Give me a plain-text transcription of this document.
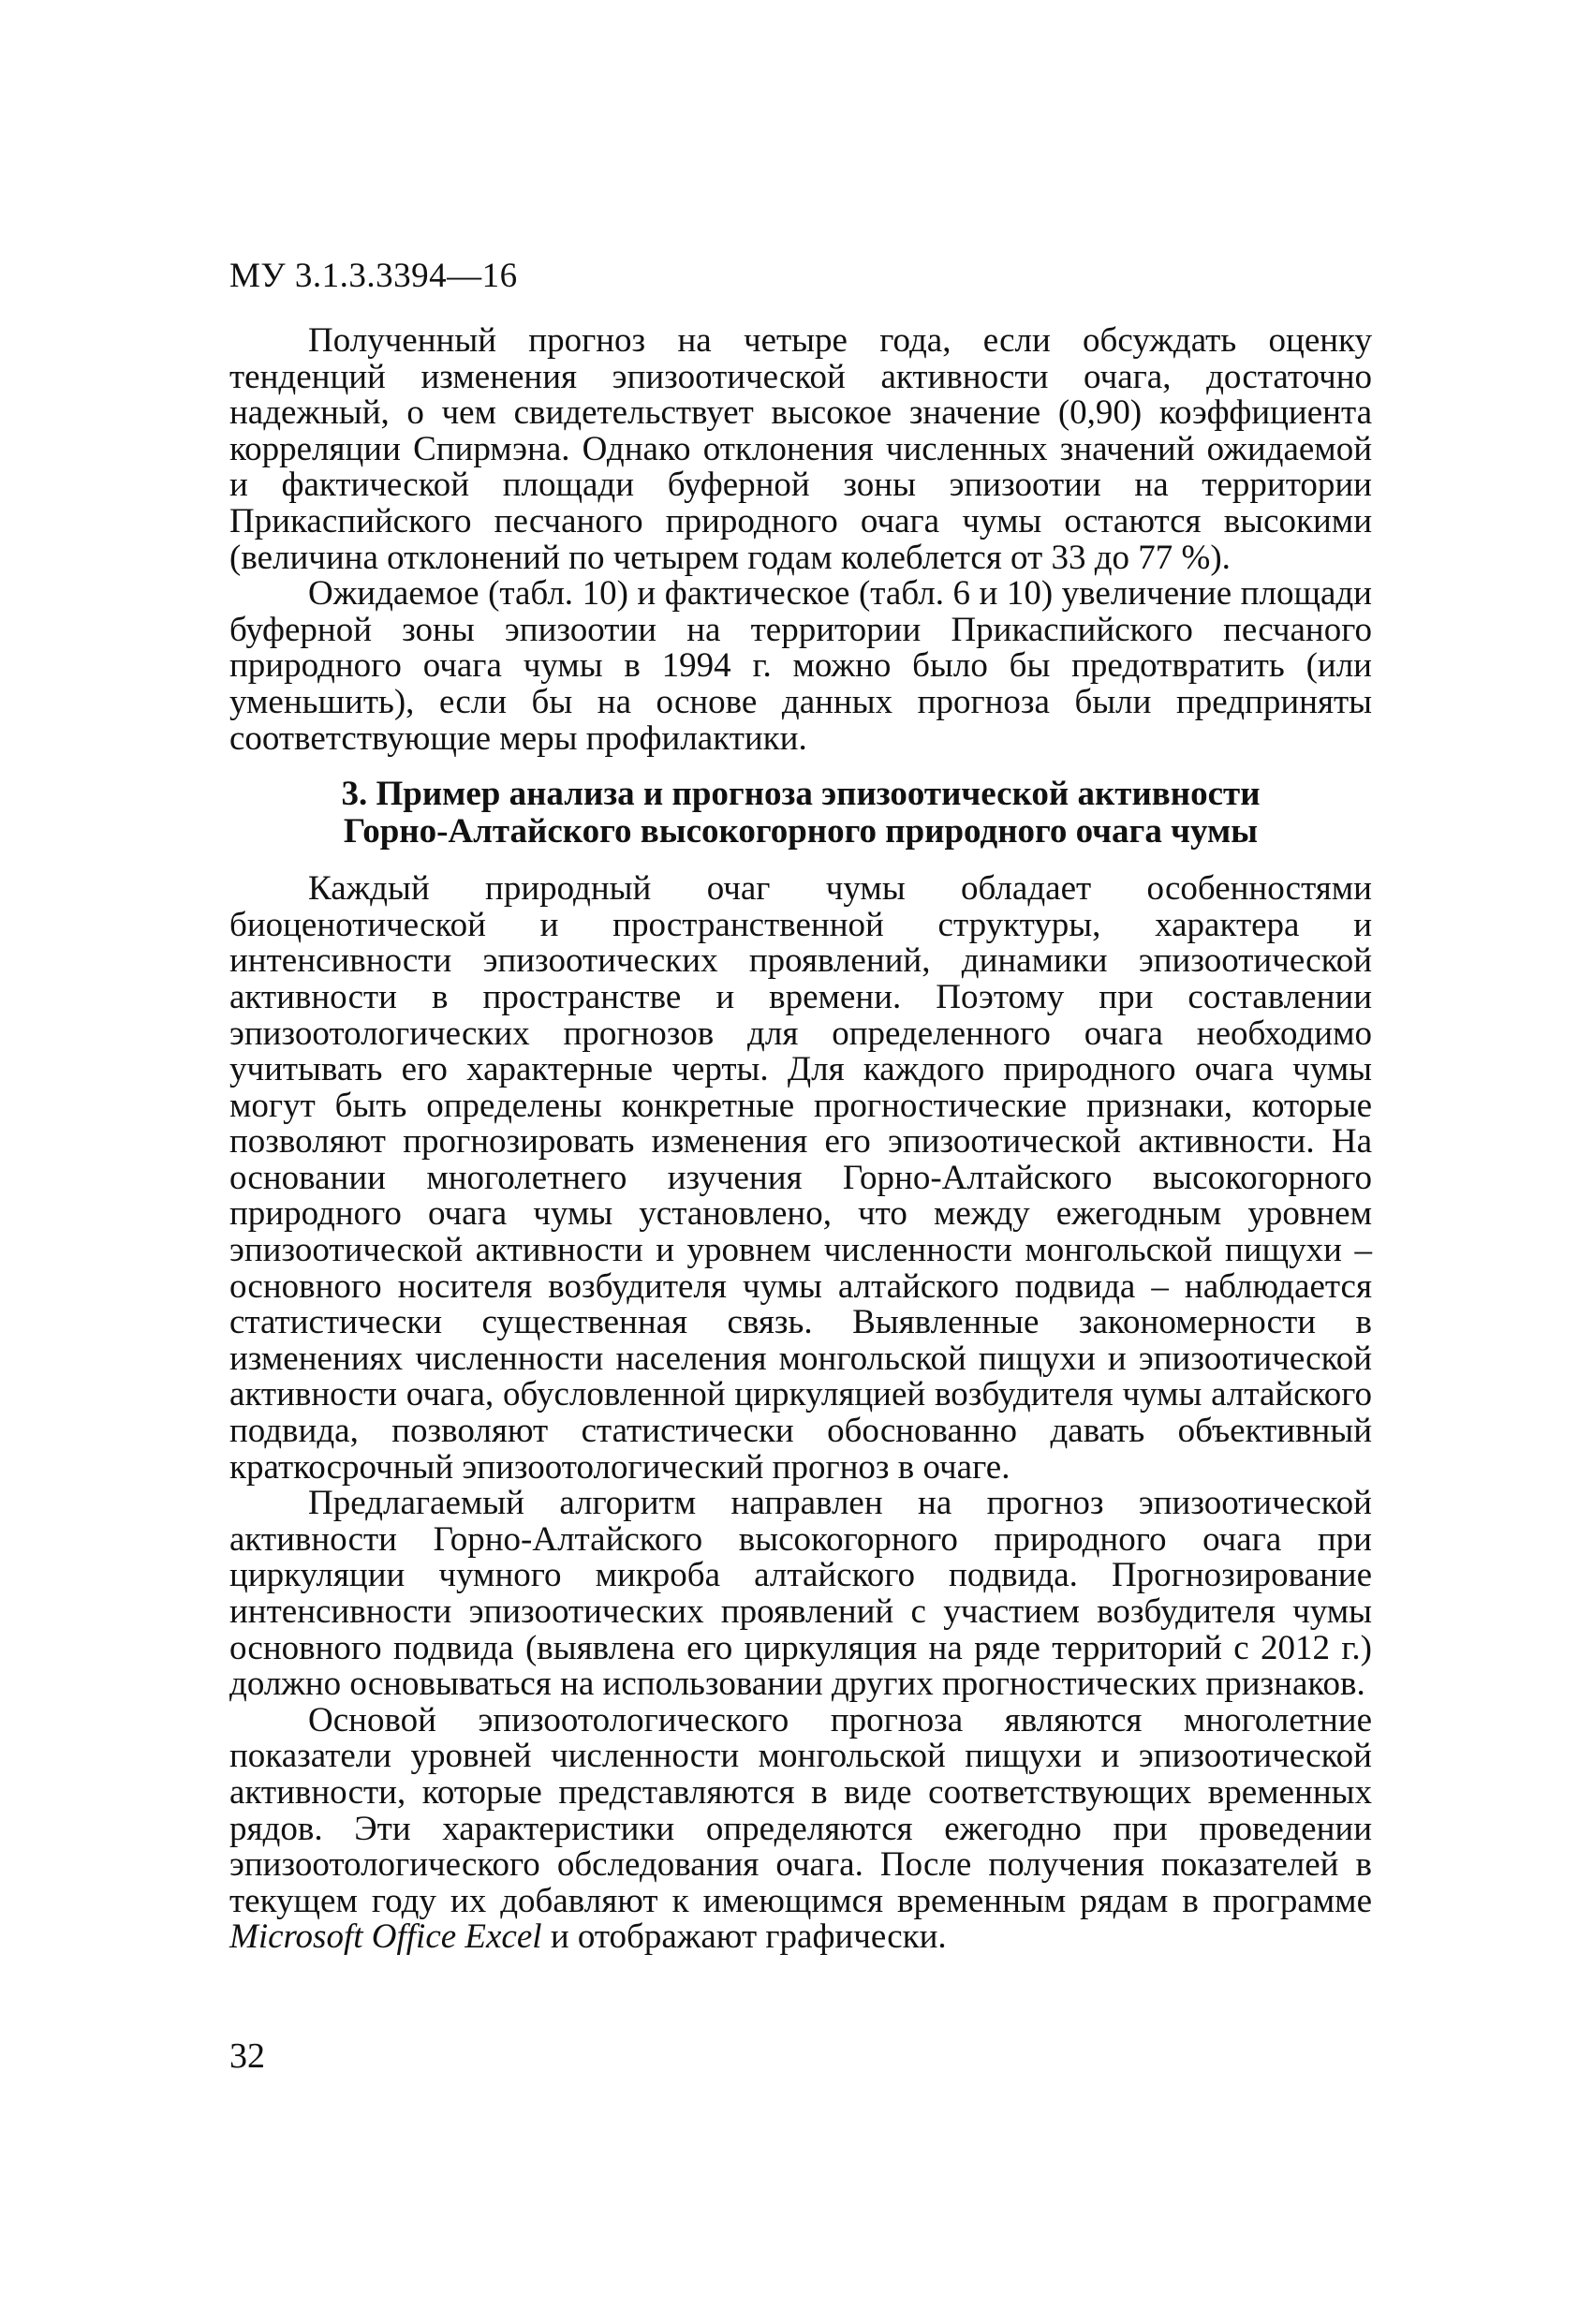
МУ 3.1.3.3394—16

Полученный прогноз на четыре года, если обсуждать оценку тенденций изменения эпизоотической активности очага, достаточно надежный, о чем свидетельствует высокое значение (0,90) коэффициента корреляции Спирмэна. Однако отклонения численных значений ожидаемой и фактической площади буферной зоны эпизоотии на территории Прикаспийского песчаного природного очага чумы остаются высокими (величина отклонений по четырем годам колеблется от 33 до 77 %).

Ожидаемое (табл. 10) и фактическое (табл. 6 и 10) увеличение площади буферной зоны эпизоотии на территории Прикаспийского песчаного природного очага чумы в 1994 г. можно было бы предотвратить (или уменьшить), если бы на основе данных прогноза были предприняты соответствующие меры профилактики.

3. Пример анализа и прогноза эпизоотической активности
Горно-Алтайского высокогорного природного очага чумы

Каждый природный очаг чумы обладает особенностями биоценотической и пространственной структуры, характера и интенсивности эпизоотических проявлений, динамики эпизоотической активности в пространстве и времени. Поэтому при составлении эпизоотологических прогнозов для определенного очага необходимо учитывать его характерные черты. Для каждого природного очага чумы могут быть определены конкретные прогностические признаки, которые позволяют прогнозировать изменения его эпизоотической активности. На основании многолетнего изучения Горно-Алтайского высокогорного природного очага чумы установлено, что между ежегодным уровнем эпизоотической активности и уровнем численности монгольской пищухи – основного носителя возбудителя чумы алтайского подвида – наблюдается статистически существенная связь. Выявленные закономерности в изменениях численности населения монгольской пищухи и эпизоотической активности очага, обусловленной циркуляцией возбудителя чумы алтайского подвида, позволяют статистически обоснованно давать объективный краткосрочный эпизоотологический прогноз в очаге.

Предлагаемый алгоритм направлен на прогноз эпизоотической активности Горно-Алтайского высокогорного природного очага при циркуляции чумного микроба алтайского подвида. Прогнозирование интенсивности эпизоотических проявлений с участием возбудителя чумы основного подвида (выявлена его циркуляция на ряде территорий с 2012 г.) должно основываться на использовании других прогностических признаков.

Основой эпизоотологического прогноза являются многолетние показатели уровней численности монгольской пищухи и эпизоотической активности, которые представляются в виде соответствующих временных рядов. Эти характеристики определяются ежегодно при проведении эпизоотологического обследования очага. После получения показателей в текущем году их добавляют к имеющимся временным рядам в программе Microsoft Office Excel и отображают графически.

32
